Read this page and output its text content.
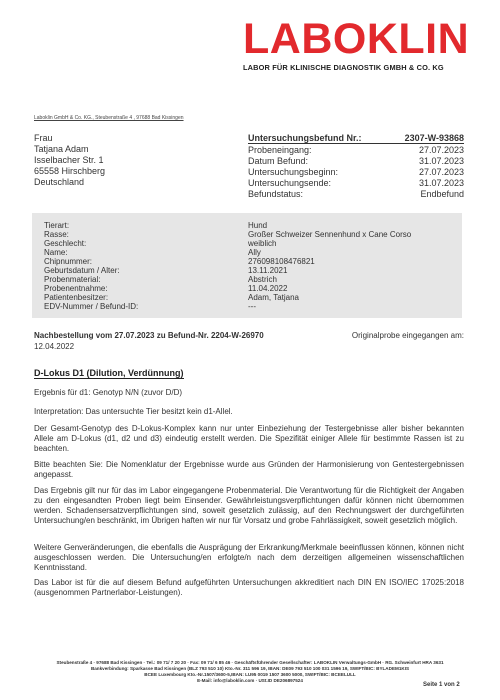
LABOKLIN
LABOR FÜR KLINISCHE DIAGNOSTIK GMBH & CO. KG
Laboklin GmbH & Co. KG., Steubenstraße 4 , 97688 Bad Kissingen
Frau
Tatjana Adam
Isselbacher Str. 1
65558 Hirschberg
Deutschland
Untersuchungsbefund Nr.:	2307-W-93868
Probeneingang:	27.07.2023
Datum Befund:	31.07.2023
Untersuchungsbeginn:	27.07.2023
Untersuchungsende:	31.07.2023
Befundstatus:	Endbefund
Tierart:	Hund
Rasse:	Großer Schweizer Sennenhund x Cane Corso
Geschlecht:	weiblich
Name:	Ally
Chipnummer:	276098108476821
Geburtsdatum / Alter:	13.11.2021
Probenmaterial:	Abstrich
Probenentnahme:	11.04.2022
Patientenbesitzer:	Adam, Tatjana
EDV-Nummer / Befund-ID:	---
Nachbestellung vom 27.07.2023 zu Befund-Nr. 2204-W-26970	Originalprobe eingegangen am:
12.04.2022
D-Lokus D1 (Dilution, Verdünnung)
Ergebnis für d1: Genotyp N/N (zuvor D/D)
Interpretation: Das untersuchte Tier besitzt kein d1-Allel.
Der Gesamt-Genotyp des D-Lokus-Komplex kann nur unter Einbeziehung der Testergebnisse aller bisher bekannten Allele am D-Lokus (d1, d2 und d3) eindeutig erstellt werden. Die Spezifität einiger Allele für bestimmte Rassen ist zu beachten.
Bitte beachten Sie: Die Nomenklatur der Ergebnisse wurde aus Gründen der Harmonisierung von Gentestergebnissen angepasst.
Das Ergebnis gilt nur für das im Labor eingegangene Probenmaterial. Die Verantwortung für die Richtigkeit der Angaben zu den eingesandten Proben liegt beim Einsender. Gewährleistungsverpflichtungen dafür können nicht übernommen werden. Schadensersatzverpflichtungen sind, soweit gesetzlich zulässig, auf den Rechnungswert der durchgeführten Untersuchung/en beschränkt, im Übrigen haften wir nur für Vorsatz und grobe Fahrlässigkeit, soweit gesetzlich möglich.
Weitere Genveränderungen, die ebenfalls die Ausprägung der Erkrankung/Merkmale beeinflussen können, können nicht ausgeschlossen werden. Die Untersuchung/en erfolgte/n nach dem derzeitigen allgemeinen wissenschaftlichen Kenntnisstand.
Das Labor ist für die auf diesem Befund aufgeführten Untersuchungen akkreditiert nach DIN EN ISO/IEC 17025:2018 (ausgenommen Partnerlabor-Leistungen).
Steubenstraße 4 · 97688 Bad Kissingen · Tel.: 09 71/ 7 20 20 · Fax: 09 71/ 6 85 46 · Geschäftsführender Gesellschafter: LABOKLIN Verwaltungs-GmbH · RG. Schweinfurt HRA 3631
Bankverbindung: Sparkasse Bad Kissingen (BLZ 793 510 10) Kto.-Nr. 311 596 19, IBAN: DE09 793 510 100 031 1596 19, SWIFT/BIC: BYLADEM1KIS
BCEE Luxembourg Kto.-Nr.1507/3600-5,IBAN: LU95 0019 1507 3600 5000, SWIFT/BIC: BCEELULL
E-Mail: info@laboklin.com · USt.ID DE206897524
Seite 1 von 2
